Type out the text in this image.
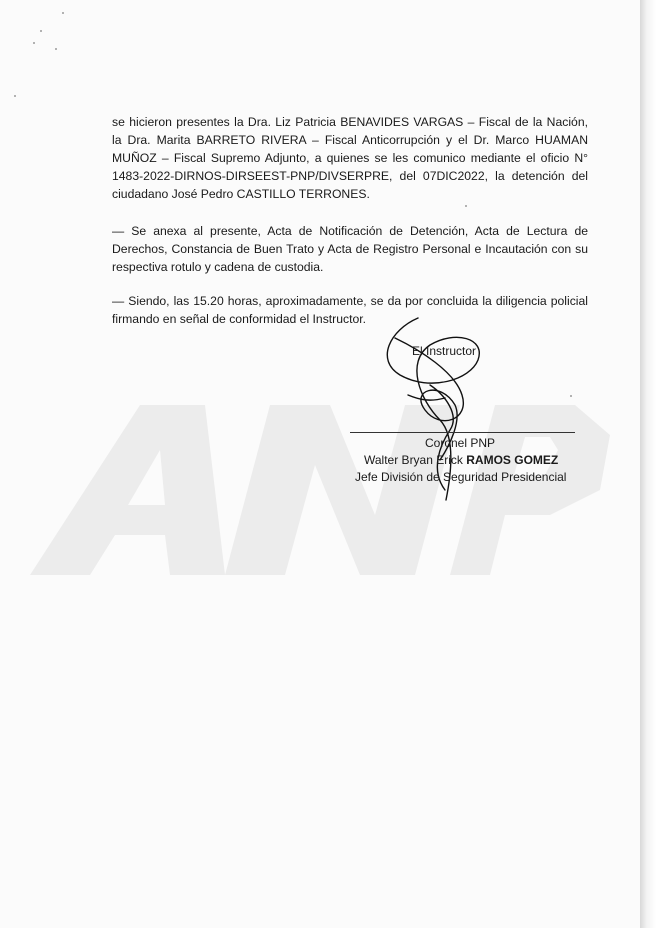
se hicieron presentes la Dra. Liz Patricia BENAVIDES VARGAS – Fiscal de la Nación, la Dra. Marita BARRETO RIVERA – Fiscal Anticorrupción y el Dr. Marco HUAMAN MUÑOZ – Fiscal Supremo Adjunto, a quienes se les comunico mediante el oficio N° 1483-2022-DIRNOS-DIRSEEST-PNP/DIVSERPRE, del 07DIC2022, la detención del ciudadano José Pedro CASTILLO TERRONES.

— Se anexa al presente, Acta de Notificación de Detención, Acta de Lectura de Derechos, Constancia de Buen Trato y Acta de Registro Personal e Incautación con su respectiva rotulo y cadena de custodia.

— Siendo, las 15.20 horas, aproximadamente, se da por concluida la diligencia policial firmando en señal de conformidad el Instructor.

El Instructor
Coronel PNP
Walter Bryan Erick RAMOS GOMEZ
Jefe División de Seguridad Presidencial
